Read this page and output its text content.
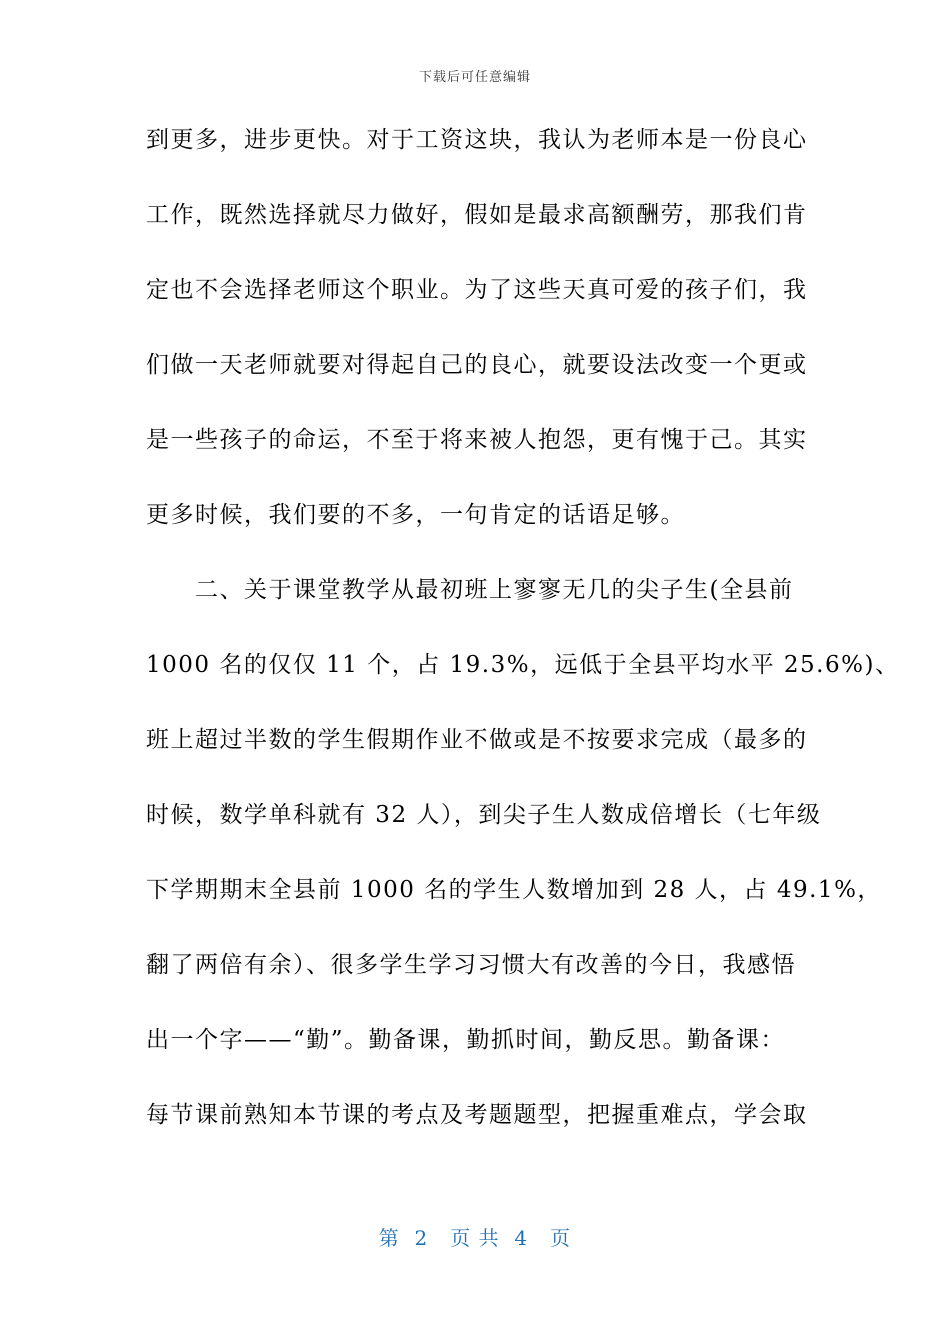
下载后可任意编辑
到更多，进步更快。对于工资这块，我认为老师本是一份良心
工作，既然选择就尽力做好，假如是最求高额酬劳，那我们肯
定也不会选择老师这个职业。为了这些天真可爱的孩子们，我
们做一天老师就要对得起自己的良心，就要设法改变一个更或
是一些孩子的命运，不至于将来被人抱怨，更有愧于己。其实
更多时候，我们要的不多，一句肯定的话语足够。
　　二、关于课堂教学从最初班上寥寥无几的尖子生(全县前
1000 名的仅仅 11 个，占 19.3%，远低于全县平均水平 25.6%)、
班上超过半数的学生假期作业不做或是不按要求完成（最多的
时候，数学单科就有 32 人），到尖子生人数成倍增长（七年级
下学期期末全县前 1000 名的学生人数增加到 28 人，占 49.1%，
翻了两倍有余）、很多学生学习习惯大有改善的今日，我感悟
出一个字——“勤”。勤备课，勤抓时间，勤反思。勤备课：
每节课前熟知本节课的考点及考题题型，把握重难点，学会取
第  2   页 共  4   页
